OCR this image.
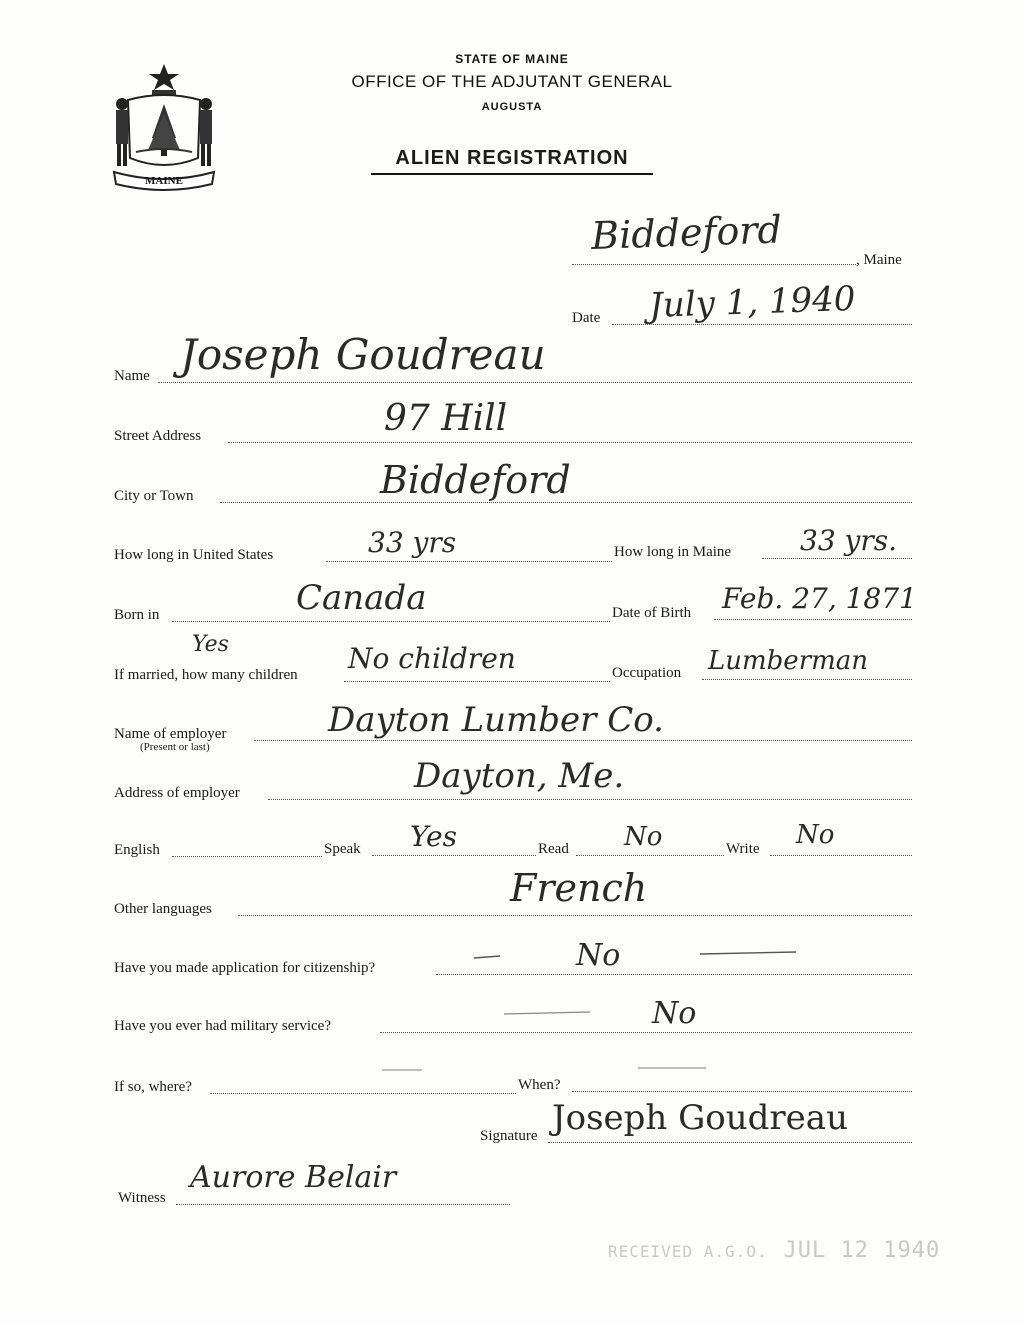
MAINE
STATE OF MAINE
OFFICE OF THE ADJUTANT GENERAL
AUGUSTA
ALIEN REGISTRATION
, Maine
Biddeford
Date July 1, 1940
Name Joseph Goudreau
Street Address	97 Hill
City or Town	Biddeford
How long in United States	33 yrs	How long in Maine 33 yrs.
Born in	Canada	Date of Birth Feb. 27, 1871
If married, how many children
Yes	No children	Occupation Lumberman
Name of employer
(Present or last)
Dayton Lumber Co.
Address of employer	Dayton, Me.
English	Speak Yes	Read No	Write No
Other languages	French
Have you made application for citizenship?	No
Have you ever had military service?	No
If so, where?	When?
Signature Joseph Goudreau
Witness
Aurore Belair
RECEIVED A.G.O. JUL 12 1940
